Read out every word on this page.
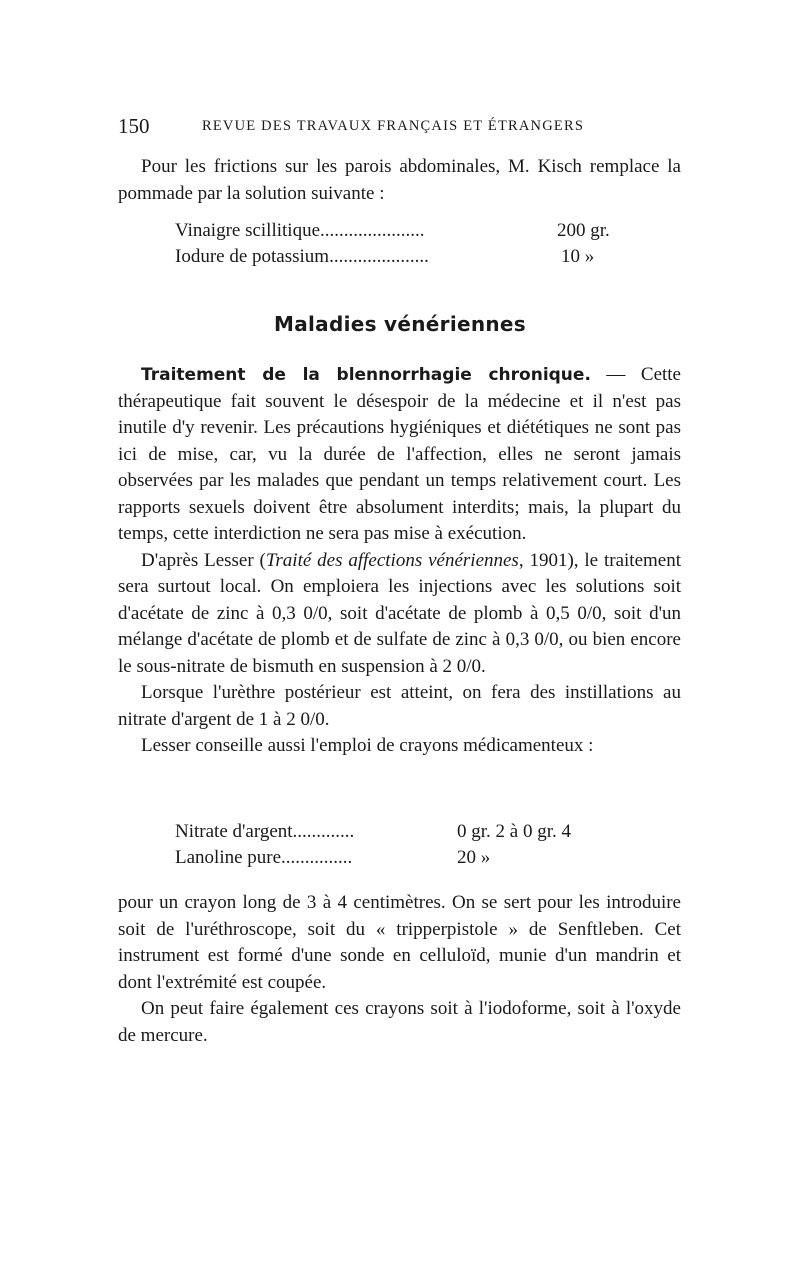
150	REVUE DES TRAVAUX FRANÇAIS ET ÉTRANGERS

Pour les frictions sur les parois abdominales, M. Kisch remplace la pommade par la solution suivante :

Vinaigre scillitique......................	200 gr.
Iodure de potassium.....................	10 »
Maladies vénériennes

Traitement de la blennorrhagie chronique. — Cette thérapeutique fait souvent le désespoir de la médecine et il n'est pas inutile d'y revenir. Les précautions hygiéniques et diététiques ne sont pas ici de mise, car, vu la durée de l'affection, elles ne seront jamais observées par les malades que pendant un temps relativement court. Les rapports sexuels doivent être absolument interdits; mais, la plupart du temps, cette interdiction ne sera pas mise à exécution.

D'après Lesser (Traité des affections vénériennes, 1901), le traitement sera surtout local. On emploiera les injections avec les solutions soit d'acétate de zinc à 0,3 0/0, soit d'acétate de plomb à 0,5 0/0, soit d'un mélange d'acétate de plomb et de sulfate de zinc à 0,3 0/0, ou bien encore le sous-nitrate de bismuth en suspension à 2 0/0.

Lorsque l'urèthre postérieur est atteint, on fera des instillations au nitrate d'argent de 1 à 2 0/0.

Lesser conseille aussi l'emploi de crayons médicamenteux :

Nitrate d'argent.............	0 gr. 2 à 0 gr. 4
Lanoline pure...............	20 »

pour un crayon long de 3 à 4 centimètres. On se sert pour les introduire soit de l'uréthroscope, soit du « tripperpistole » de Senftleben. Cet instrument est formé d'une sonde en celluloïd, munie d'un mandrin et dont l'extrémité est coupée.

On peut faire également ces crayons soit à l'iodoforme, soit à l'oxyde de mercure.
